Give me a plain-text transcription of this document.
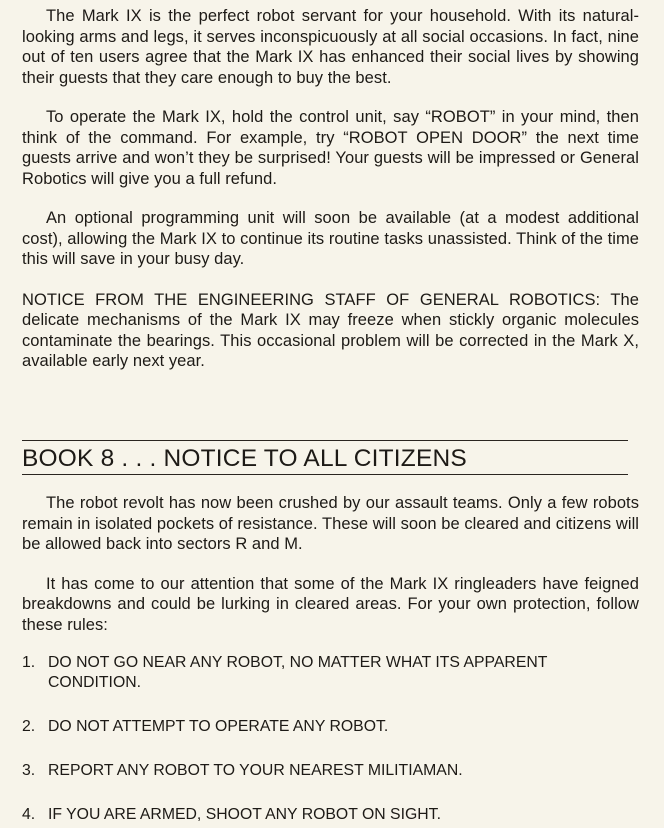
The Mark IX is the perfect robot servant for your household. With its natural-looking arms and legs, it serves inconspicuously at all social occasions. In fact, nine out of ten users agree that the Mark IX has enhanced their social lives by showing their guests that they care enough to buy the best.

To operate the Mark IX, hold the control unit, say “ROBOT” in your mind, then think of the command. For example, try “ROBOT OPEN DOOR” the next time guests arrive and won’t they be surprised! Your guests will be impressed or General Robotics will give you a full refund.

An optional programming unit will soon be available (at a modest additional cost), allowing the Mark IX to continue its routine tasks unassisted. Think of the time this will save in your busy day.

NOTICE FROM THE ENGINEERING STAFF OF GENERAL ROBOTICS: The delicate mechanisms of the Mark IX may freeze when stickly organic molecules contaminate the bearings. This occasional problem will be corrected in the Mark X, available early next year.

BOOK 8 . . . NOTICE TO ALL CITIZENS

The robot revolt has now been crushed by our assault teams. Only a few robots remain in isolated pockets of resistance. These will soon be cleared and citizens will be allowed back into sectors R and M.

It has come to our attention that some of the Mark IX ringleaders have feigned breakdowns and could be lurking in cleared areas. For your own protection, follow these rules:

1. DO NOT GO NEAR ANY ROBOT, NO MATTER WHAT ITS APPARENT CONDITION.
2. DO NOT ATTEMPT TO OPERATE ANY ROBOT.
3. REPORT ANY ROBOT TO YOUR NEAREST MILITIAMAN.
4. IF YOU ARE ARMED, SHOOT ANY ROBOT ON SIGHT.
